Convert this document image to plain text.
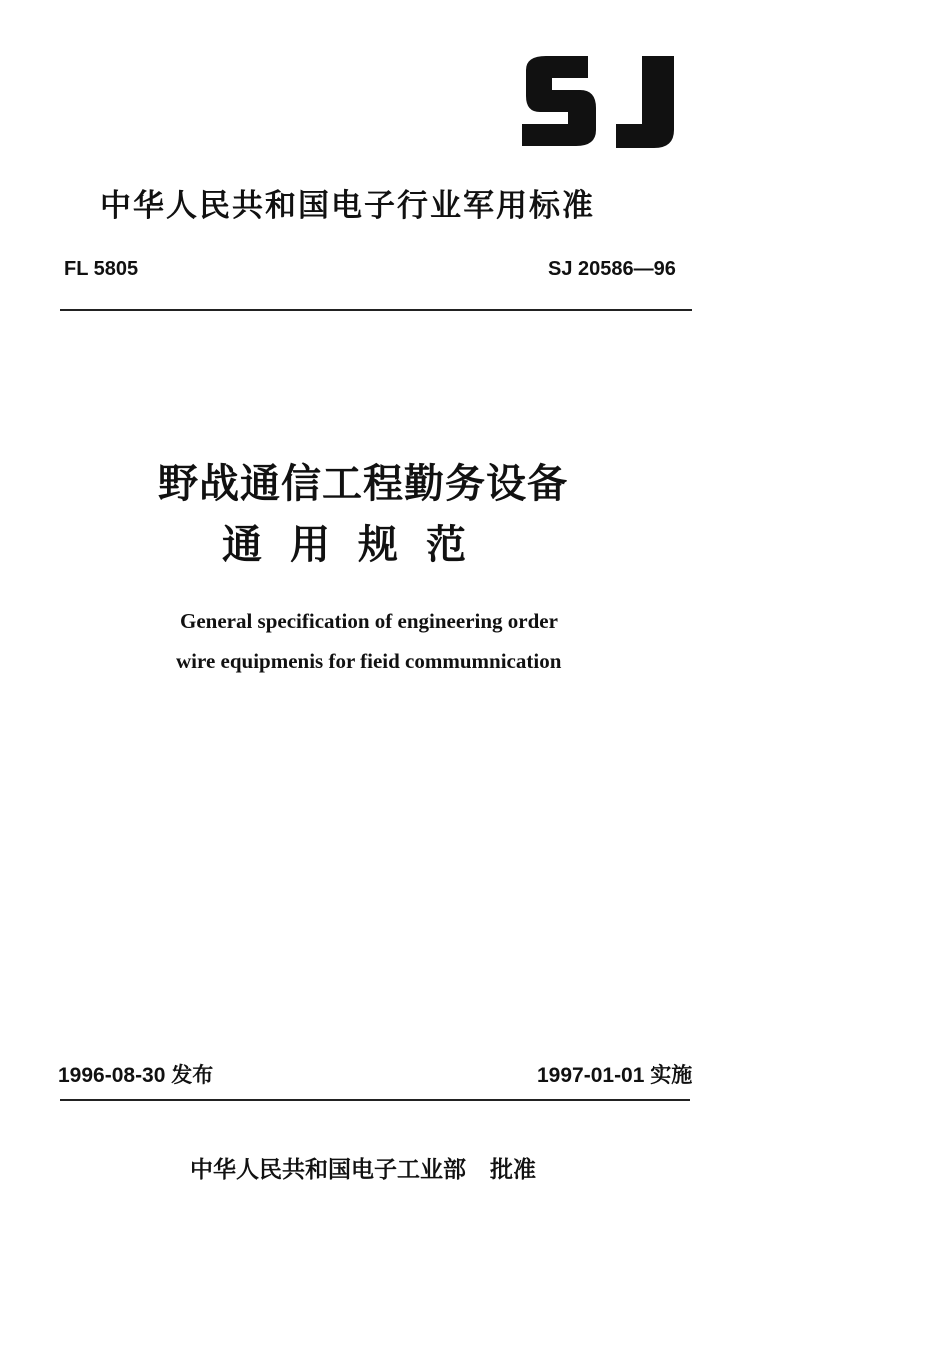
中华人民共和国电子行业军用标准
FL 5805	SJ 20586—96
野战通信工程勤务设备
通用规范
General specification of engineering order
wire equipmenis for fieid commumnication
1996-08-30 发布	1997-01-01 实施
中华人民共和国电子工业部 批准
